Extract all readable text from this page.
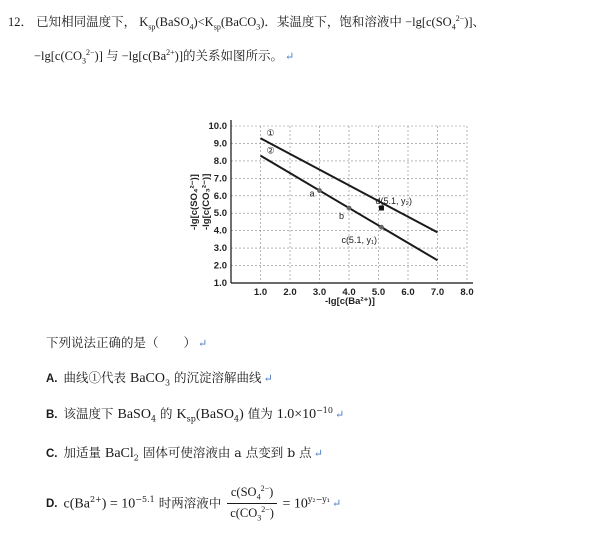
12． 已知相同温度下， $K_{sp}(BaSO_4)<K_{sp}(BaCO_3)$．某温度下，饱和溶液中 $-\lg[c(SO_4^{2-})]$、
$-\lg[c(CO_3^{2-})]$ 与 $-\lg[c(Ba^{2+})]$的关系如图所示。 ↵
1.0
2.0
3.0
4.0
5.0
6.0
7.0
8.0
9.0
10.0
1.0 2.0 3.0 4.0 5.0 6.0 7.0 8.0
①
②
a
b
d(5.1, y₂)
c(5.1, y₁)
-lg[c(SO₄²⁻)] -lg[c(CO₃²⁻)]
-lg[c(Ba²⁺)]
下列说法正确的是（　　） ↵
A. 曲线①代表 BaCO$_3$ 的沉淀溶解曲线 ↵
B. 该温度下 BaSO$_4$ 的 $K_{sp}(BaSO_4)$ 值为 $1.0\times 10^{-10}$ ↵
C. 加适量 BaCl$_2$ 固体可使溶液由 a 点变到 b 点 ↵
D. $c(Ba^{2+}) = 10^{-5.1}$ 时两溶液中 $\frac{c(SO_4^{2-})}{c(CO_3^{2-})} = 10^{y_2-y_1}$ ↵
